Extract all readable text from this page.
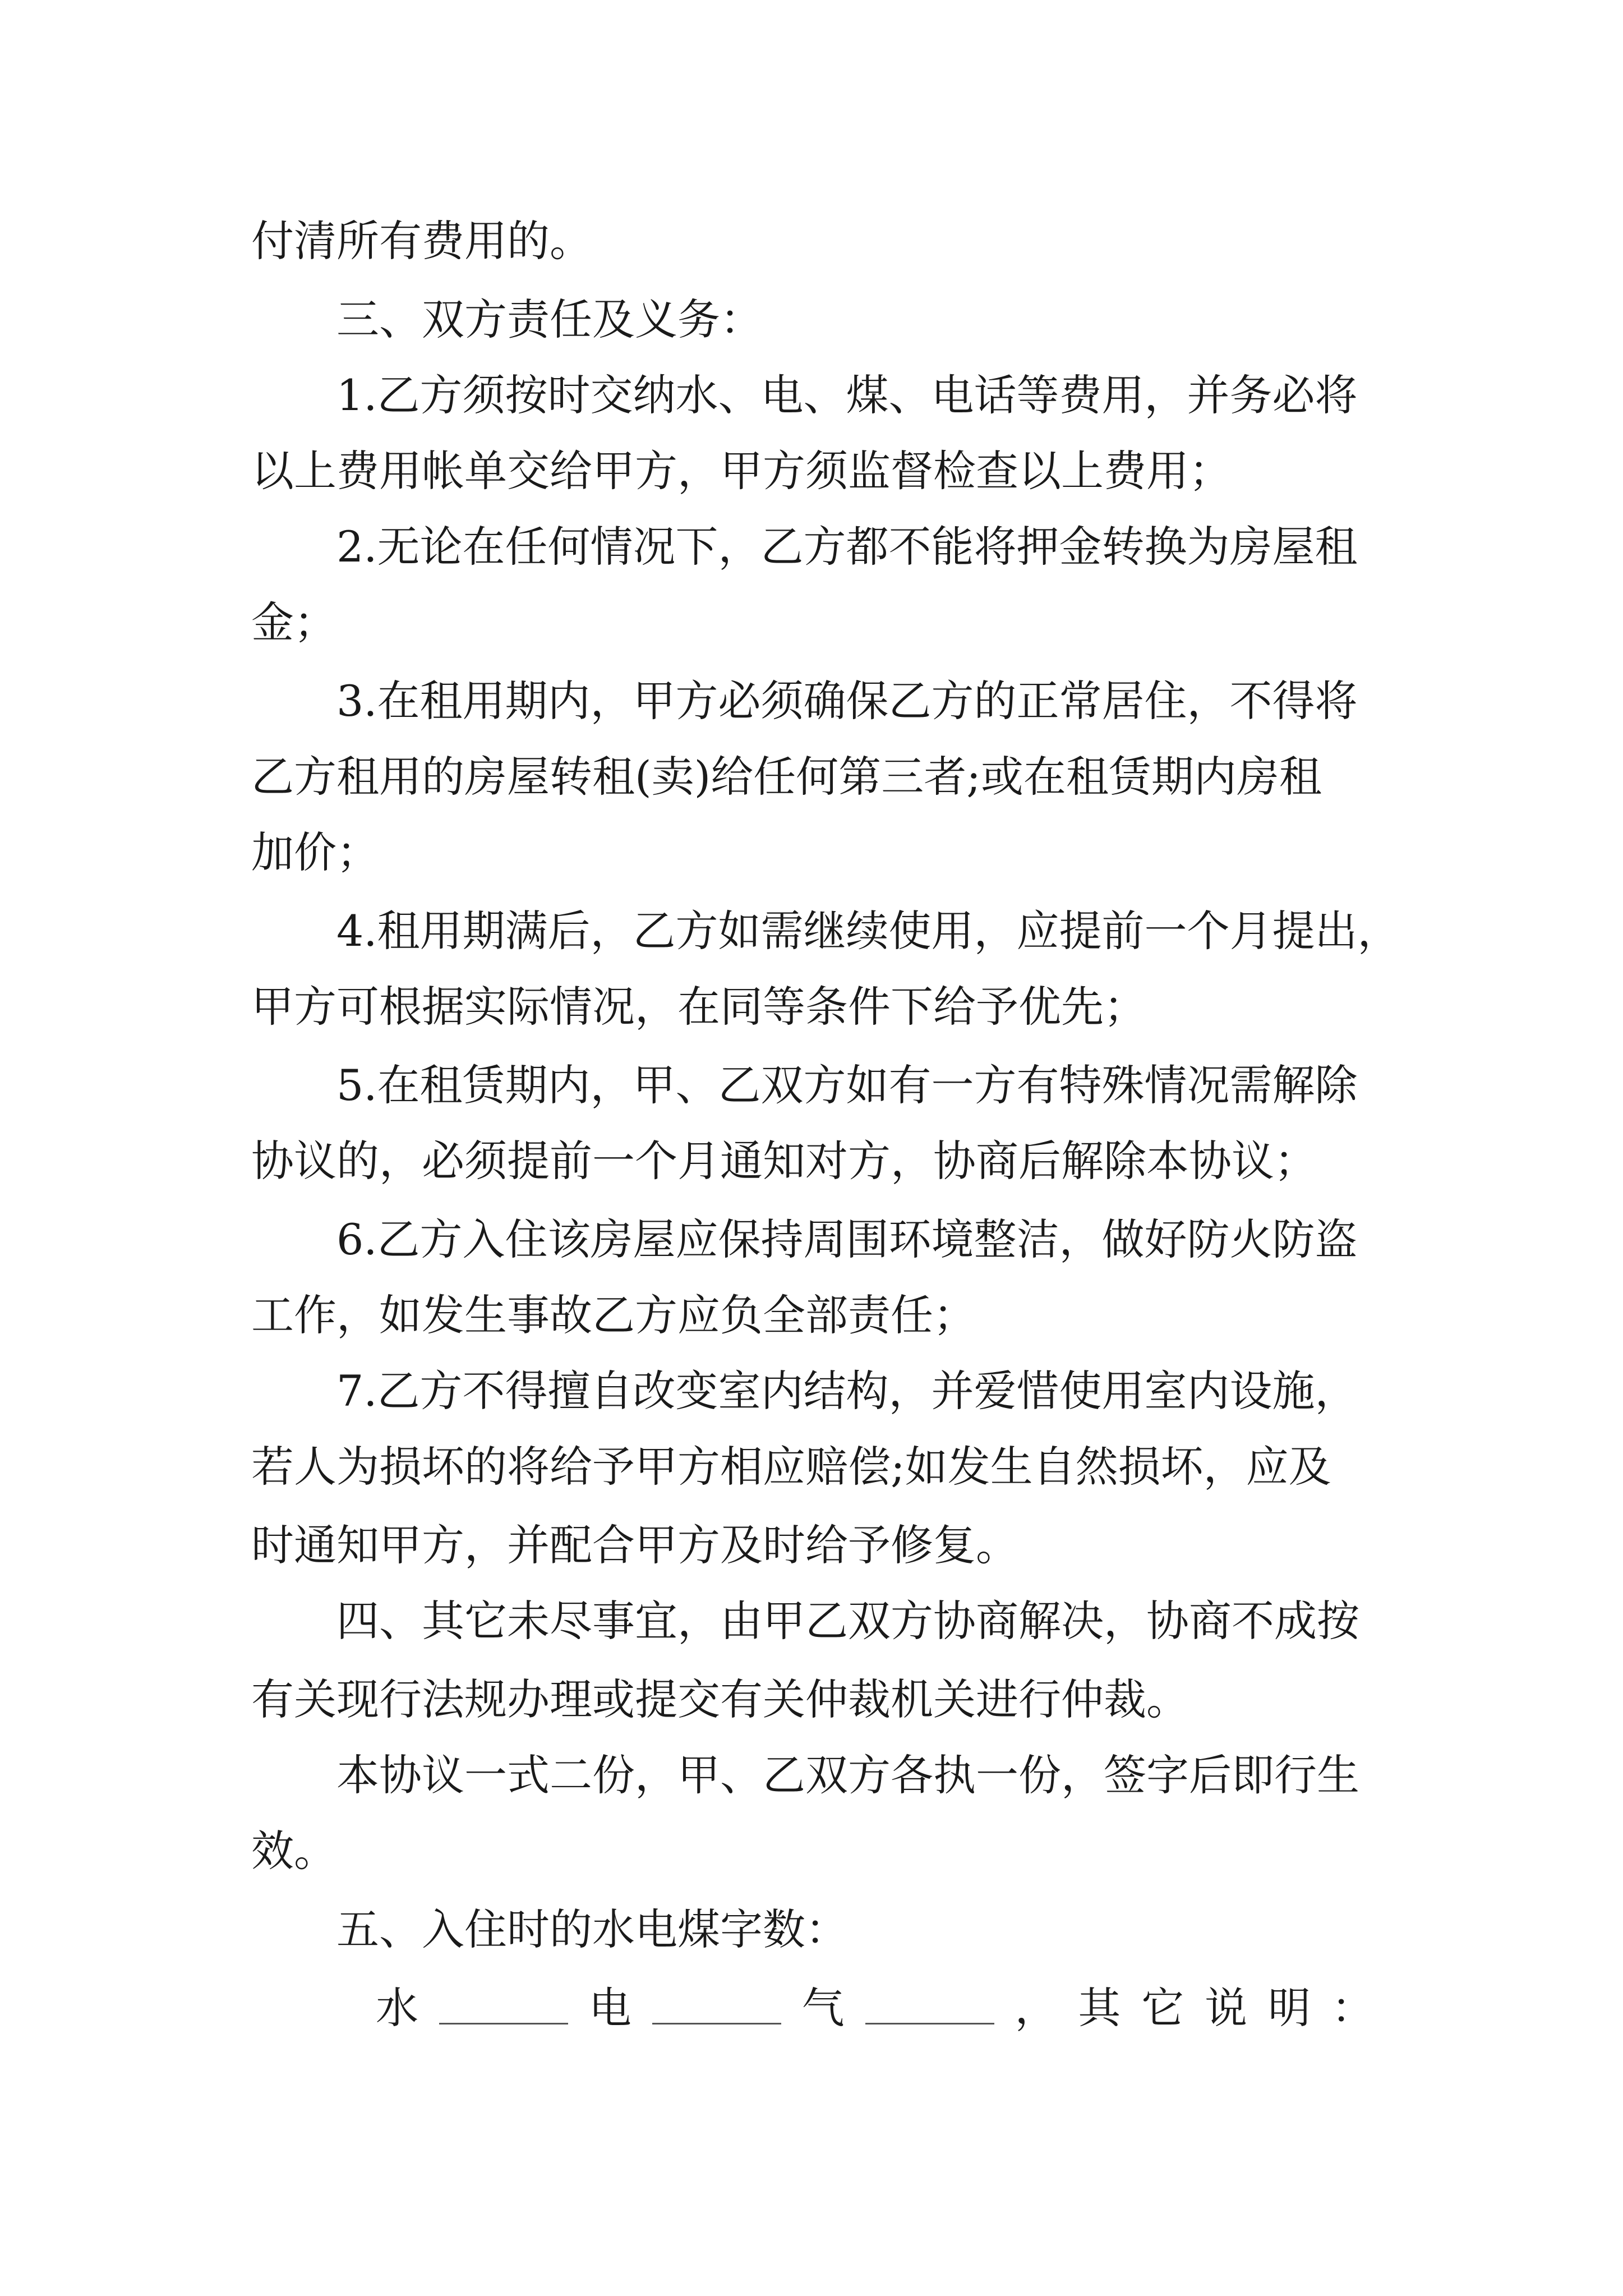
付清所有费用的。
三、双方责任及义务：
1.乙方须按时交纳水、电、煤、电话等费用，并务必将
以上费用帐单交给甲方，甲方须监督检查以上费用；
2.无论在任何情况下，乙方都不能将押金转换为房屋租
金；
3.在租用期内，甲方必须确保乙方的正常居住，不得将
乙方租用的房屋转租(卖)给任何第三者;或在租赁期内房租
加价；
4.租用期满后，乙方如需继续使用，应提前一个月提出，
甲方可根据实际情况，在同等条件下给予优先；
5.在租赁期内，甲、乙双方如有一方有特殊情况需解除
协议的，必须提前一个月通知对方，协商后解除本协议；
6.乙方入住该房屋应保持周围环境整洁，做好防火防盗
工作，如发生事故乙方应负全部责任；
7.乙方不得擅自改变室内结构，并爱惜使用室内设施，
若人为损坏的将给予甲方相应赔偿;如发生自然损坏，应及
时通知甲方，并配合甲方及时给予修复。
四、其它未尽事宜，由甲乙双方协商解决，协商不成按
有关现行法规办理或提交有关仲裁机关进行仲裁。
本协议一式二份，甲、乙双方各执一份，签字后即行生
效。
五、入住时的水电煤字数：
水	电	气	， 其 它 说 明 ：
